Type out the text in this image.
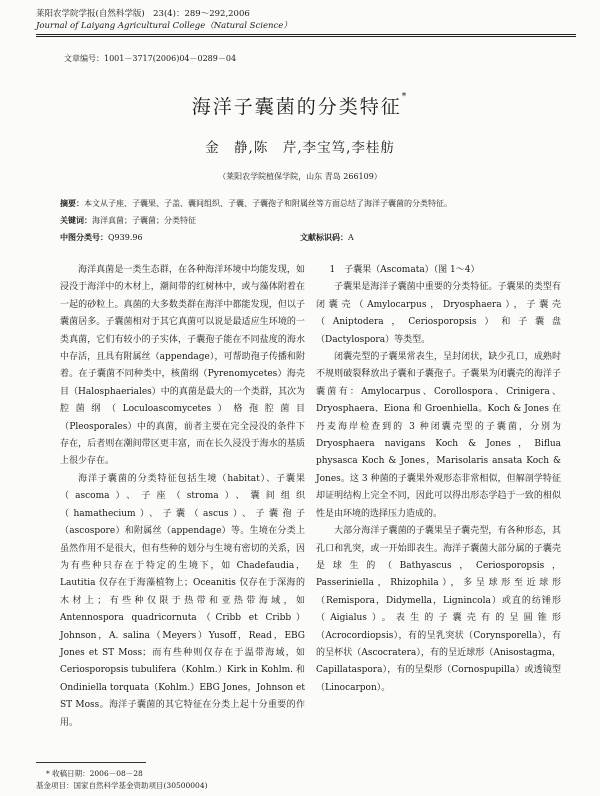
莱阳农学院学报(自然科学版)　23(4)：289～292,2006
Journal of Laiyang Agricultural College（Natural Science）
文章编号：1001－3717(2006)04－0289－04
海洋子囊菌的分类特征*
金　静,陈　芹,李宝笃,李桂舫
（莱阳农学院植保学院，山东 青岛 266109）
摘要：本文从子座、子囊果、子盖、囊间组织、子囊、子囊孢子和附属丝等方面总结了海洋子囊菌的分类特征。
关键词：海洋真菌；子囊菌；分类特征
中图分类号：Q939.96	文献标识码：A

海洋真菌是一类生态群，在各种海洋环境中均能发现，如浸没于海洋中的木材上，潮间带的红树林中，或与藻体附着在一起的砂粒上。真菌的大多数类群在海洋中都能发现，但以子囊菌居多。子囊菌相对于其它真菌可以说是最适应生环境的一类真菌，它们有较小的子实体，子囊孢子能在不同盐度的海水中存活，且具有附属丝（appendage），可帮助孢子传播和附着。在子囊菌不同种类中，核菌纲（Pyrenomycetes）海壳目（Halosphaeriales）中的真菌是最大的一个类群，其次为腔菌纲（Loculoascomycetes）格孢腔菌目（Pleosporales）中的真菌，前者主要在完全浸没的条件下存在，后者则在潮间带区更丰富，而在长久浸没于海水的基质上很少存在。

海洋子囊菌的分类特征包括生境（habitat）、子囊果（ascoma）、子座（stroma）、囊间组织（hamathecium）、子囊（ascus）、子囊孢子（ascospore）和附属丝（appendage）等。生境在分类上虽然作用不是很大，但有些种的划分与生境有密切的关系，因为有些种只存在于特定的生境下，如 Chadefaudia，Lautitia 仅存在于海藻植物上；Oceanitis 仅存在于深海的木材上；有些种仅限于热带和亚热带海域，如 Antennospora quadricornuta（Cribb et Cribb）Johnson，A. salina（Meyers）Yusoff，Read，EBG Jones et ST Moss；而有些种则仅存在于温带海域，如 Ceriosporopsis tubulifera（Kohlm.）Kirk in Kohlm. 和 Ondiniella torquata（Kohlm.）EBG Jones，Johnson et ST Moss。海洋子囊菌的其它特征在分类上起十分重要的作用。

1　子囊果（Ascomata）（图 1～4）

子囊果是海洋子囊菌中重要的分类特征。子囊果的类型有闭囊壳（Amylocarpus，Dryosphaera），子囊壳（Aniptodera，Ceriosporopsis）和子囊盘（Dactylospora）等类型。

闭囊壳型的子囊果常表生，呈封闭状，缺少孔口，成熟时不规则破裂释放出子囊和子囊孢子。子囊果为闭囊壳的海洋子囊菌有：Amylocarpus、Corollospora、Crinigera、Dryosphaera、Eiona 和 Groenhiella。Koch & Jones 在丹麦海岸检查到的 3 种闭囊壳型的子囊菌，分别为 Dryosphaera navigans Koch & Jones，Biflua physasca Koch & Jones，Marisolaris ansata Koch & Jones。这 3 种菌的子囊果外观形态非常相似，但解剖学特征却证明结构上完全不同，因此可以得出形态学趋于一致的相似性是由环境的选择压力造成的。

大部分海洋子囊菌的子囊果呈子囊壳型，有各种形态，其孔口和乳突，或一开始即表生。海洋子囊菌大部分属的子囊壳是球生的（Bathyascus，Ceriosporopsis，Passeriniella，Rhizophila），多呈球形至近球形（Remispora，Didymella，Lignincola）或直的纺锤形（Aigialus）。表生的子囊壳有的呈圆锥形（Acrocordiopsis），有的呈乳突状（Corynsporella），有的呈杯状（Ascocratera），有的呈近球形（Anisostagma，Capillataspora），有的呈梨形（Cornospupilla）或透镜型（Linocarpon）。

* 收稿日期：2006－08－28
基金项目：国家自然科学基金资助项目(30500004)
